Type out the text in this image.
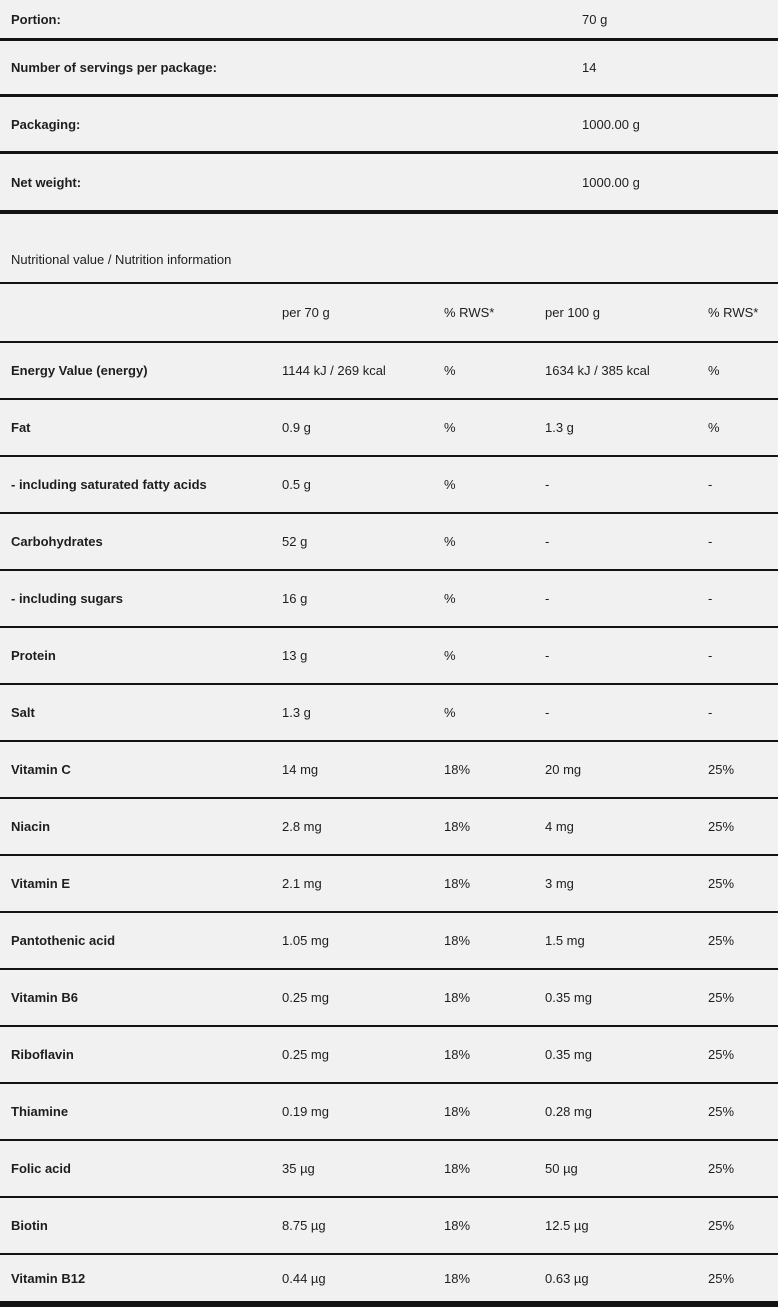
Portion:	70 g
Number of servings per package:	14
Packaging:	1000.00 g
Net weight:	1000.00 g
Nutritional value / Nutrition information
per 70 g	% RWS*	per 100 g	% RWS*
Energy Value (energy)	1144 kJ / 269 kcal	%	1634 kJ / 385 kcal	%
Fat	0.9 g	%	1.3 g	%
- including saturated fatty acids	0.5 g	%	-	-
Carbohydrates	52 g	%	-	-
- including sugars	16 g	%	-	-
Protein	13 g	%	-	-
Salt	1.3 g	%	-	-
Vitamin C	14 mg	18%	20 mg	25%
Niacin	2.8 mg	18%	4 mg	25%
Vitamin E	2.1 mg	18%	3 mg	25%
Pantothenic acid	1.05 mg	18%	1.5 mg	25%
Vitamin B6	0.25 mg	18%	0.35 mg	25%
Riboflavin	0.25 mg	18%	0.35 mg	25%
Thiamine	0.19 mg	18%	0.28 mg	25%
Folic acid	35 µg	18%	50 µg	25%
Biotin	8.75 µg	18%	12.5 µg	25%
Vitamin B12	0.44 µg	18%	0.63 µg	25%
